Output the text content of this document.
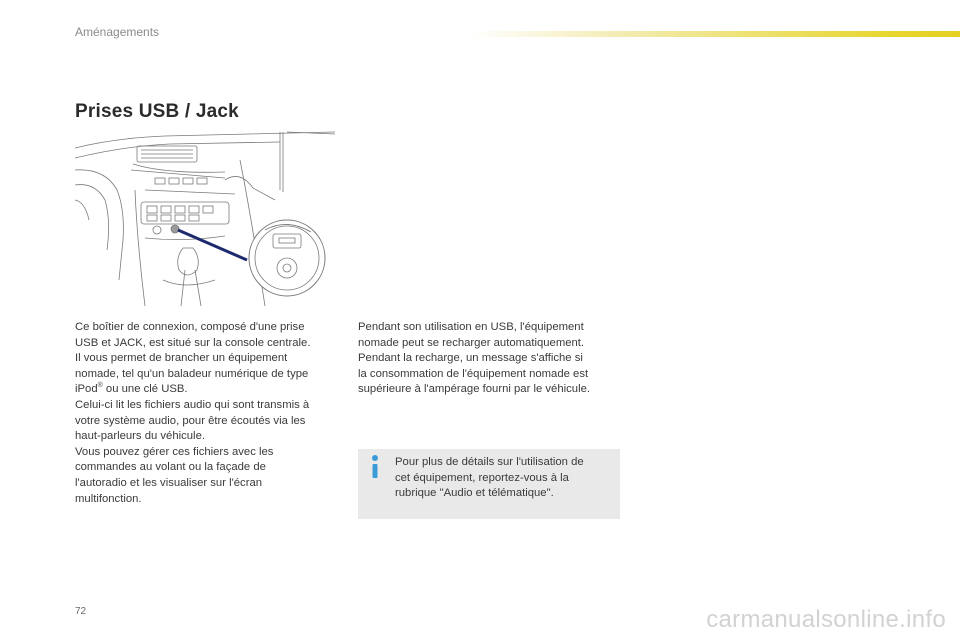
Aménagements
Prises USB / Jack

Ce boîtier de connexion, composé d'une prise

USB et JACK, est situé sur la console centrale.

Il vous permet de brancher un équipement

nomade, tel qu'un baladeur numérique de type

iPod® ou une clé USB.

Celui-ci lit les fichiers audio qui sont transmis à

votre système audio, pour être écoutés via les

haut-parleurs du véhicule.

Vous pouvez gérer ces fichiers avec les

commandes au volant ou la façade de

l'autoradio et les visualiser sur l'écran

multifonction.

Pendant son utilisation en USB, l'équipement

nomade peut se recharger automatiquement.

Pendant la recharge, un message s'affiche si

la consommation de l'équipement nomade est

supérieure à l'ampérage fourni par le véhicule.

Pour plus de détails sur l'utilisation de
cet équipement, reportez-vous à la
rubrique "Audio et télématique".
72	carmanualsonline.info
